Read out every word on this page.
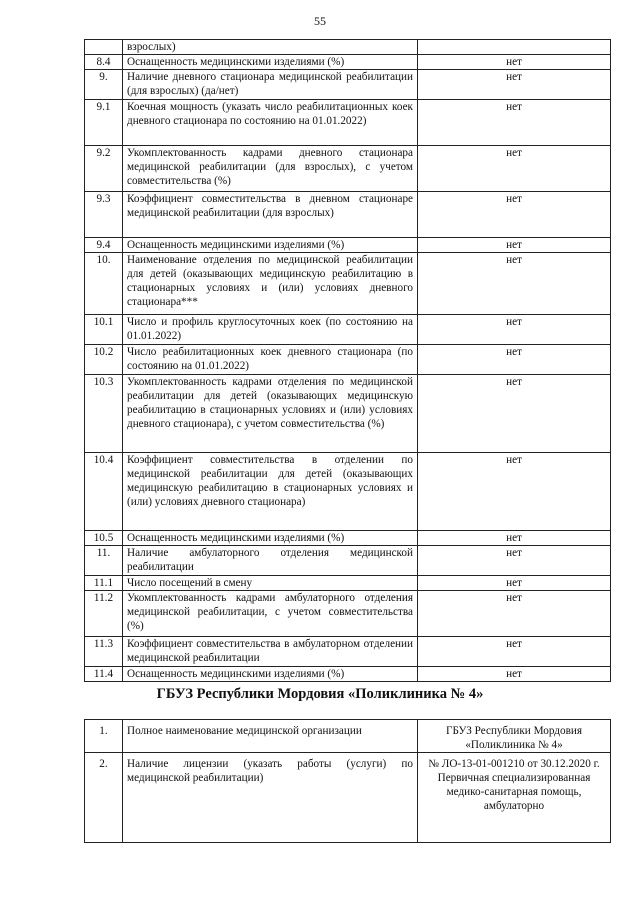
55
	взрослых)	
8.4	Оснащенность медицинскими изделиями (%)	нет
9.	Наличие дневного стационара медицинской реабилитации (для взрослых) (да/нет)	нет
9.1	Коечная мощность (указать число реабилитационных коек дневного стационара по состоянию на 01.01.2022)	нет
9.2	Укомплектованность кадрами дневного стационара медицинской реабилитации (для взрослых), с учетом совместительства (%)	нет
9.3	Коэффициент совместительства в дневном стационаре медицинской реабилитации (для взрослых)	нет
9.4	Оснащенность медицинскими изделиями (%)	нет
10.	Наименование отделения по медицинской реабилитации для детей (оказывающих медицинскую реабилитацию в стационарных условиях и (или) условиях дневного стационара***	нет
10.1	Число и профиль круглосуточных коек (по состоянию на 01.01.2022)	нет
10.2	Число реабилитационных коек дневного стационара (по состоянию на 01.01.2022)	нет
10.3	Укомплектованность кадрами отделения по медицинской реабилитации для детей (оказывающих медицинскую реабилитацию в стационарных условиях и (или) условиях дневного стационара), с учетом совместительства (%)	нет
10.4	Коэффициент совместительства в отделении по медицинской реабилитации для детей (оказывающих медицинскую реабилитацию в стационарных условиях и (или) условиях дневного стационара)	нет
10.5	Оснащенность медицинскими изделиями (%)	нет
11.	Наличие амбулаторного отделения медицинской реабилитации	нет
11.1	Число посещений в смену	нет
11.2	Укомплектованность кадрами амбулаторного отделения медицинской реабилитации, с учетом совместительства (%)	нет
11.3	Коэффициент совместительства в амбулаторном отделении медицинской реабилитации	нет
11.4	Оснащенность медицинскими изделиями (%)	нет
ГБУЗ Республики Мордовия «Поликлиника № 4»
1.	Полное наименование медицинской организации	ГБУЗ Республики Мордовия «Поликлиника № 4»
2.	Наличие лицензии (указать работы (услуги) по медицинской реабилитации)	№ ЛО-13-01-001210 от 30.12.2020 г. Первичная специализированная медико-санитарная помощь, амбулаторно
